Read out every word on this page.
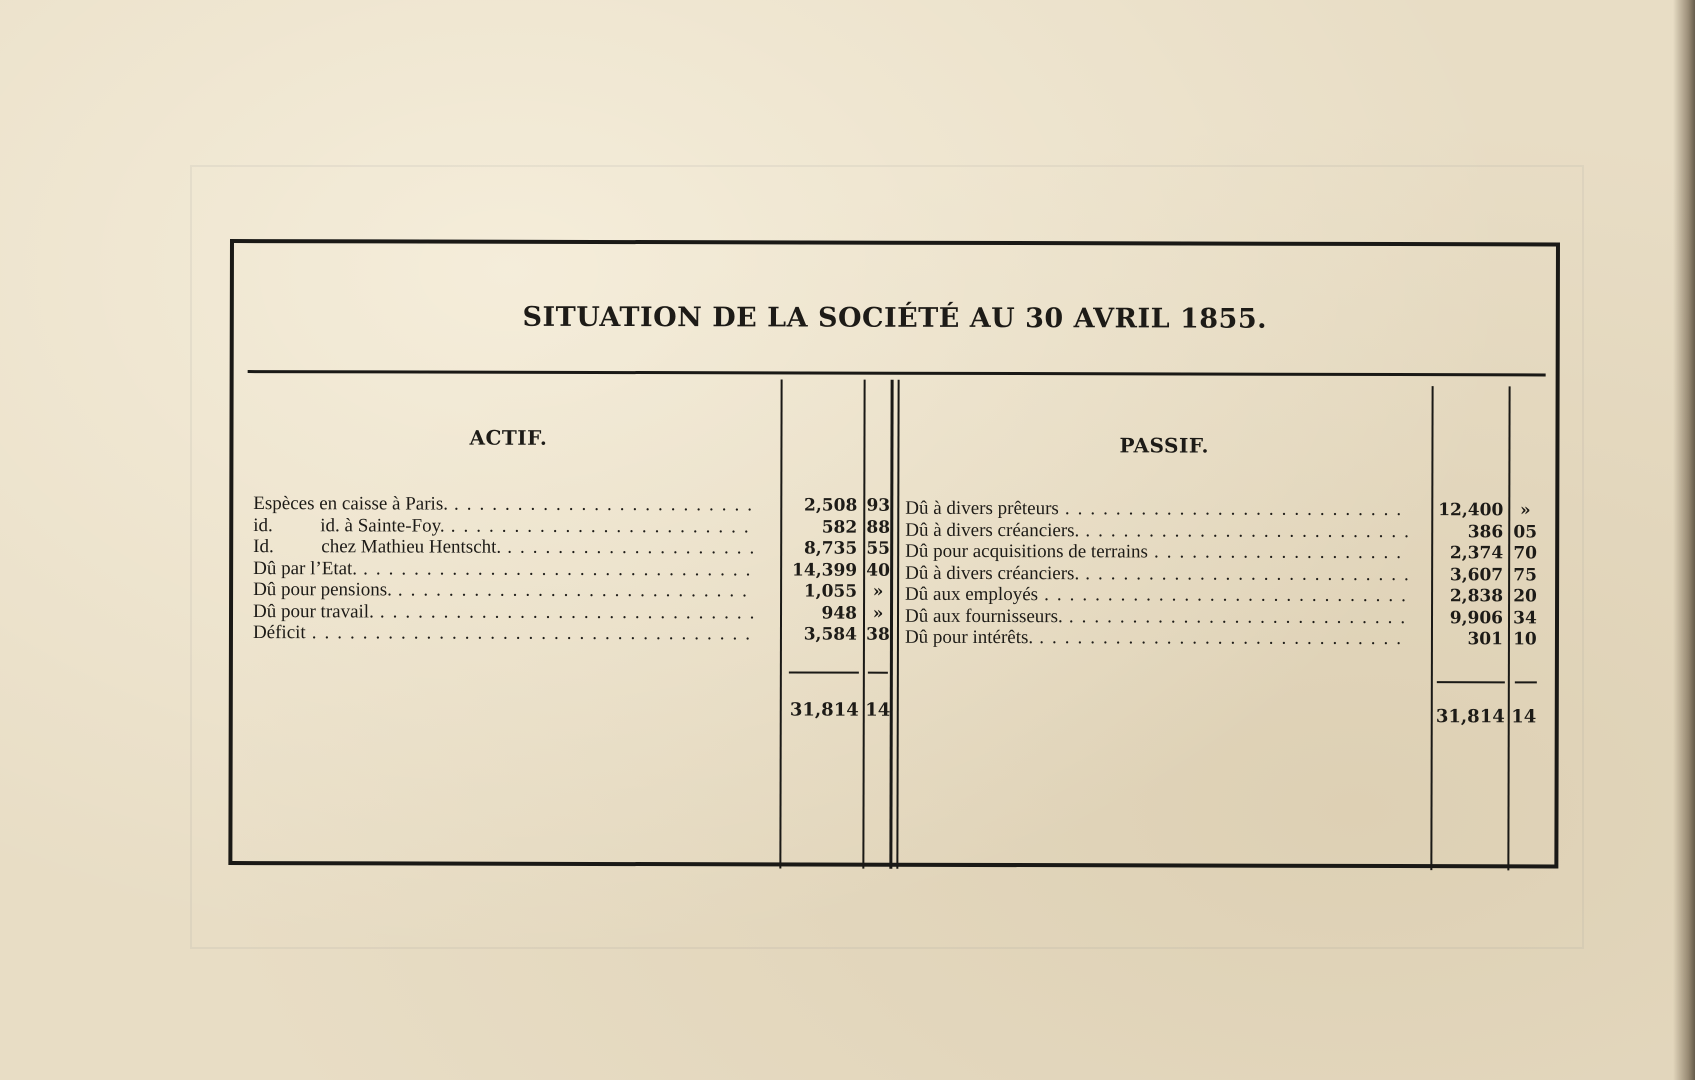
SITUATION DE LA SOCIÉTÉ AU 30 AVRIL 1855.
ACTIF.	PASSIF.
Espèces en caisse à Paris. ........................	2,508 93
id.          id. à Sainte-Foy. ........................	582 88
Id.          chez Mathieu Hentscht. ....................	8,735 55
Dû par l’Etat. ...............................	14,399 40
Dû pour pensions. ............................	1,055 »
Dû pour travail. ..............................	948 »
Déficit ...................................	3,584 38
Dû à divers prêteurs ...........................	12,400 »
Dû à divers créanciers. ..........................	386 05
Dû pour acquisitions de terrains ....................	2,374 70
Dû à divers créanciers. ..........................	3,607 75
Dû aux employés .............................	2,838 20
Dû aux fournisseurs. ...........................	9,906 34
Dû pour intérêts. .............................	301 10
31,814 14	31,814 14
